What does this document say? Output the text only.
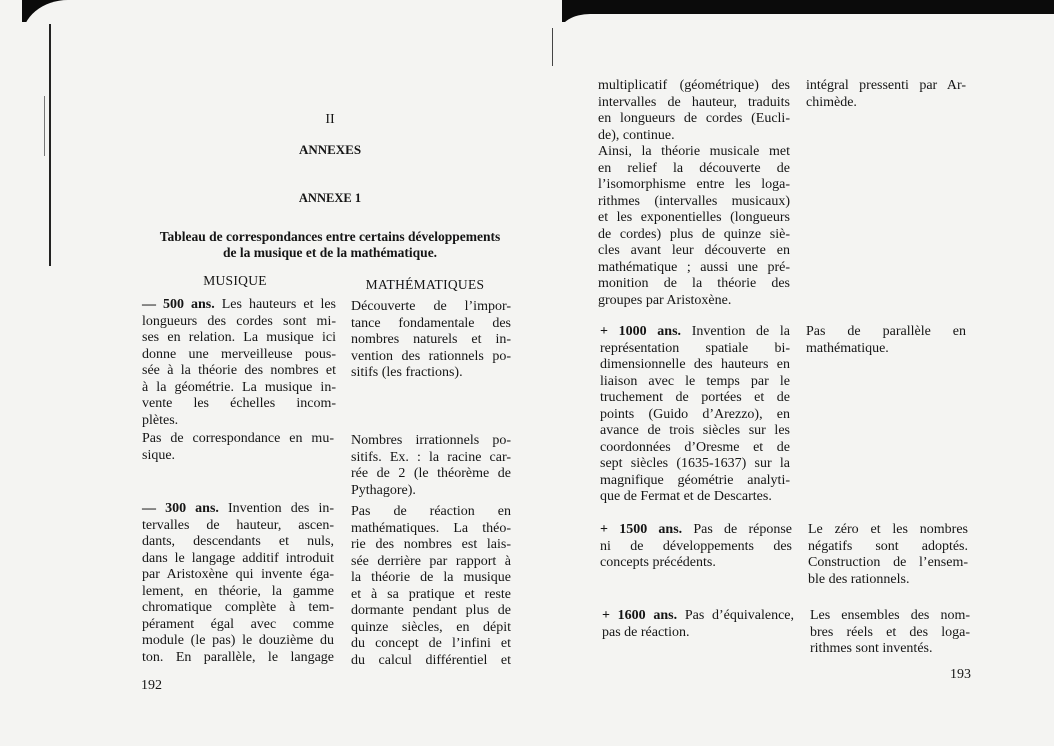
II
ANNEXES
ANNEXE 1
Tableau de correspondances entre certains développements
de la musique et de la mathématique.
MUSIQUE	MATHÉMATIQUES
— 500 ans. Les hauteurs et les
longueurs des cordes sont mi-
ses en relation. La musique ici
donne une merveilleuse pous-
sée à la théorie des nombres et
à la géométrie. La musique in-
vente les échelles incom-
plètes.
Découverte de l’impor-
tance fondamentale des
nombres naturels et in-
vention des rationnels po-
sitifs (les fractions).
Pas de correspondance en mu-
sique.
Nombres irrationnels po-
sitifs. Ex. : la racine car-
rée de 2 (le théorème de
Pythagore).
— 300 ans. Invention des in-
tervalles de hauteur, ascen-
dants, descendants et nuls,
dans le langage additif introduit
par Aristoxène qui invente éga-
lement, en théorie, la gamme
chromatique complète à tem-
pérament égal avec comme
module (le pas) le douzième du
ton. En parallèle, le langage
Pas de réaction en
mathématiques. La théo-
rie des nombres est lais-
sée derrière par rapport à
la théorie de la musique
et à sa pratique et reste
dormante pendant plus de
quinze siècles, en dépit
du concept de l’infini et
du calcul différentiel et
192
multiplicatif (géométrique) des
intervalles de hauteur, traduits
en longueurs de cordes (Eucli-
de), continue.
Ainsi, la théorie musicale met
en relief la découverte de
l’isomorphisme entre les loga-
rithmes (intervalles musicaux)
et les exponentielles (longueurs
de cordes) plus de quinze siè-
cles avant leur découverte en
mathématique ; aussi une pré-
monition de la théorie des
groupes par Aristoxène.
intégral pressenti par Ar-
chimède.
+ 1000 ans. Invention de la
représentation spatiale bi-
dimensionnelle des hauteurs en
liaison avec le temps par le
truchement de portées et de
points (Guido d’Arezzo), en
avance de trois siècles sur les
coordonnées d’Oresme et de
sept siècles (1635-1637) sur la
magnifique géométrie analyti-
que de Fermat et de Descartes.
Pas de parallèle en
mathématique.
+ 1500 ans. Pas de réponse
ni de développements des
concepts précédents.
Le zéro et les nombres
négatifs sont adoptés.
Construction de l’ensem-
ble des rationnels.
+ 1600 ans. Pas d’équivalence,
pas de réaction.
Les ensembles des nom-
bres réels et des loga-
rithmes sont inventés.
193
